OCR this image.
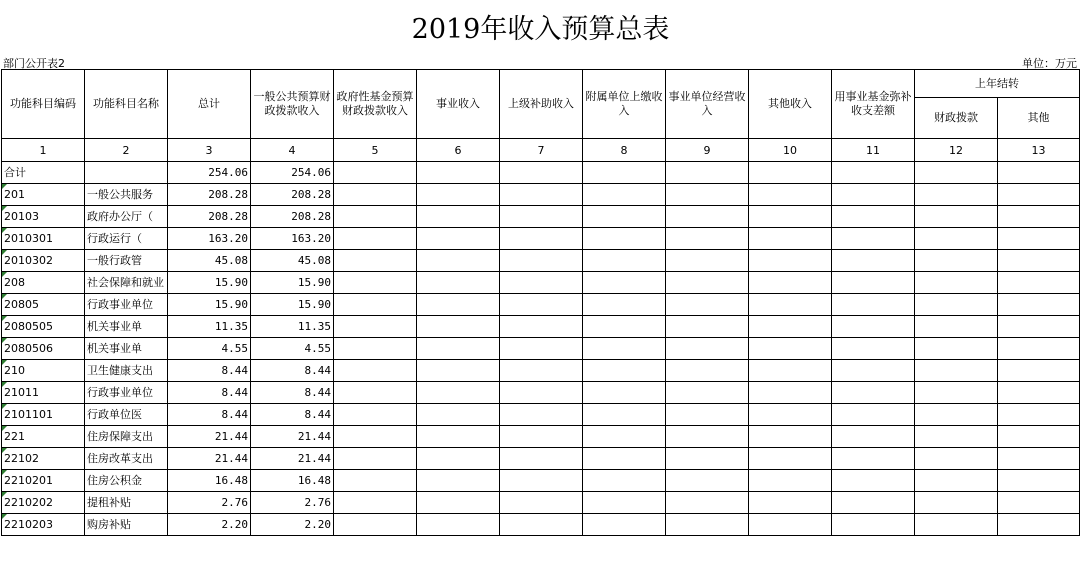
2019年收入预算总表
部门公开表2	单位：万元
功能科目编码	功能科目名称	总计	一般公共预算财政拨款收入	政府性基金预算财政拨款收入	事业收入	上级补助收入	附属单位上缴收入	事业单位经营收入	其他收入	用事业基金弥补收支差额	上年结转	
											财政拨款	其他
1	2	3	4	5	6	7	8	9	10	11	12	13
合计		254.06	254.06									
201	一般公共服务	208.28	208.28									
20103	政府办公厅（	208.28	208.28									
2010301	行政运行（	163.20	163.20									
2010302	一般行政管	45.08	45.08									
208	社会保障和就业	15.90	15.90									
20805	行政事业单位	15.90	15.90									
2080505	机关事业单	11.35	11.35									
2080506	机关事业单	4.55	4.55									
210	卫生健康支出	8.44	8.44									
21011	行政事业单位	8.44	8.44									
2101101	行政单位医	8.44	8.44									
221	住房保障支出	21.44	21.44									
22102	住房改革支出	21.44	21.44									
2210201	住房公积金	16.48	16.48									
2210202	提租补贴	2.76	2.76									
2210203	购房补贴	2.20	2.20									
